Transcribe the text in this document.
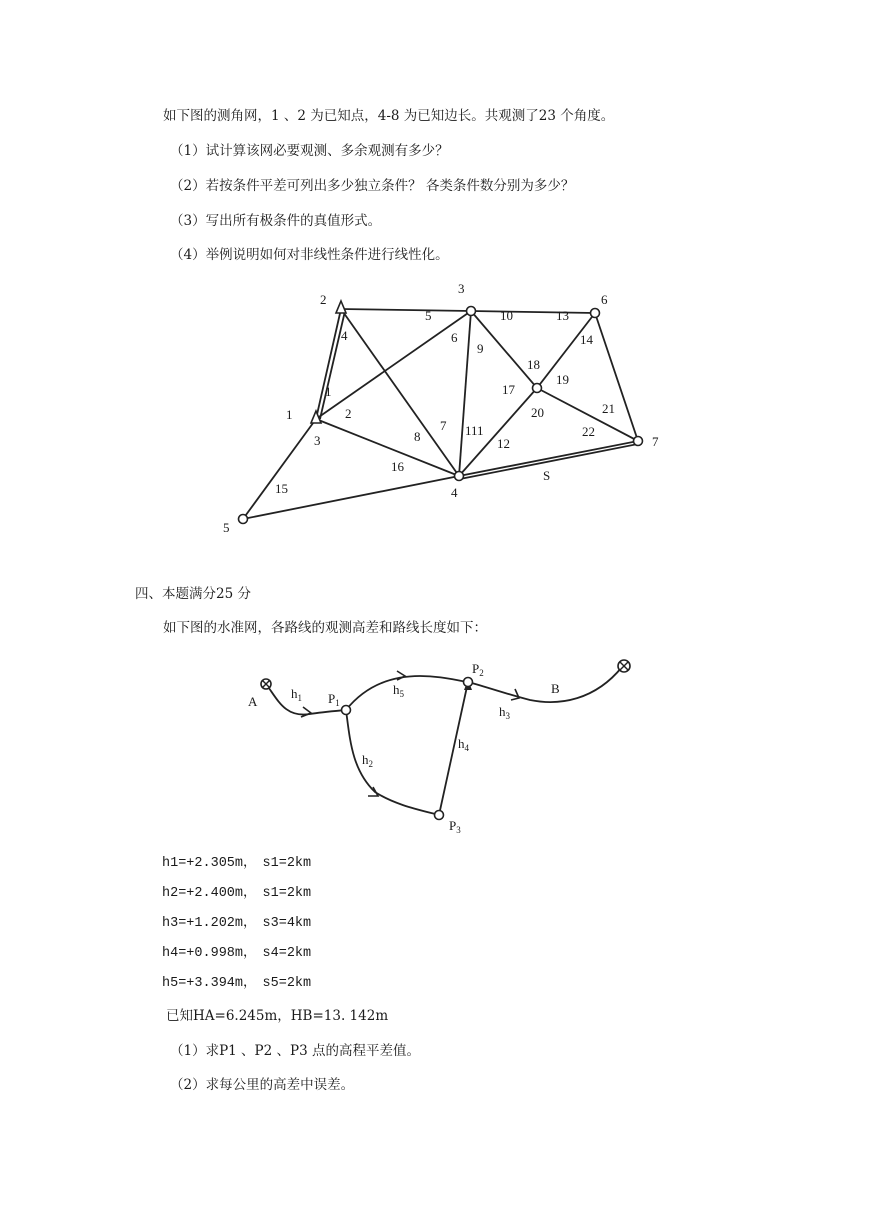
如下图的测角网，1 、2 为已知点，4-8 为已知边长。共观测了23 个角度。
（1）试计算该网必要观测、多余观测有多少？
（2）若按条件平差可列出多少独立条件？ 各类条件数分别为多少？
（3）写出所有极条件的真值形式。
（4）举例说明如何对非线性条件进行线性化。
2
3
6
1
7
4
5
1
2
3
4
5
6
7
8
9
10
111
12
13
14
15
16
17
18
19
20	21
22
S
四、本题满分25 分
如下图的水准网，各路线的观测高差和路线长度如下：
A
B
$P_1$
$P_2$
$P_3$
$h_1$
$h_2$
$h_3$
$h_4$
$h_5$
h1=+2.305m， s1=2km
h2=+2.400m， s1=2km
h3=+1.202m， s3=4km
h4=+0.998m， s4=2km
h5=+3.394m， s5=2km
已知HA=6.245m，HB=13. 142m
（1）求P1 、P2 、P3 点的高程平差值。
（2）求每公里的高差中误差。
